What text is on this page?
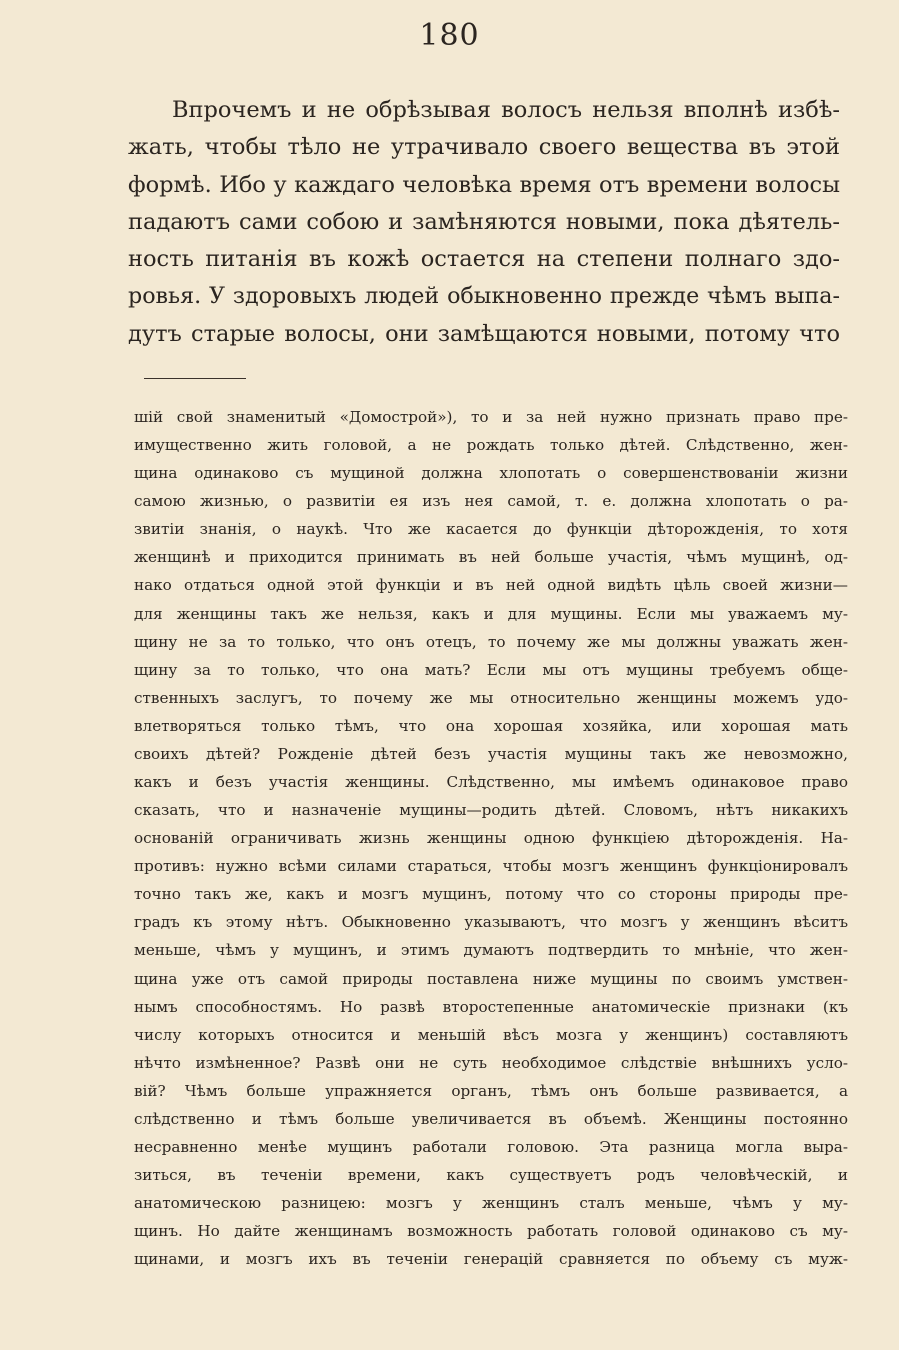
180
Впрочемъ и не обрѣзывая волосъ нельзя вполнѣ избѣ-
жать, чтобы тѣло не утрачивало своего вещества въ этой
формѣ. Ибо у каждаго человѣка время отъ времени волосы
падаютъ сами собою и замѣняются новыми, пока дѣятель-
ность питанія въ кожѣ остается на степени полнаго здо-
ровья. У здоровыхъ людей обыкновенно прежде чѣмъ выпа-
дутъ старые волосы, они замѣщаются новыми, потому что
шій свой знаменитый «Домострой»), то и за ней нужно признать право пре-
имущественно жить головой, а не рождать только дѣтей. Слѣдственно, жен-
щина одинаково съ мущиной должна хлопотать о совершенствованіи жизни
самою жизнью, о развитіи ея изъ нея самой, т. е. должна хлопотать о ра-
звитіи знанія, о наукѣ. Что же касается до функціи дѣторожденія, то хотя
женщинѣ и приходится принимать въ ней больше участія, чѣмъ мущинѣ, од-
нако отдаться одной этой функціи и въ ней одной видѣть цѣль своей жизни—
для женщины такъ же нельзя, какъ и для мущины. Если мы уважаемъ му-
щину не за то только, что онъ отецъ, то почему же мы должны уважать жен-
щину за то только, что она мать? Если мы отъ мущины требуемъ обще-
ственныхъ заслугъ, то почему же мы относительно женщины можемъ удо-
влетворяться только тѣмъ, что она хорошая хозяйка, или хорошая мать
своихъ дѣтей? Рожденіе дѣтей безъ участія мущины такъ же невозможно,
какъ и безъ участія женщины. Слѣдственно, мы имѣемъ одинаковое право
сказать, что и назначеніе мущины—родить дѣтей. Словомъ, нѣтъ никакихъ
основаній ограничивать жизнь женщины одною функціею дѣторожденія. На-
противъ: нужно всѣми силами стараться, чтобы мозгъ женщинъ функціонировалъ
точно такъ же, какъ и мозгъ мущинъ, потому что со стороны природы пре-
градъ къ этому нѣтъ. Обыкновенно указываютъ, что мозгъ у женщинъ вѣситъ
меньше, чѣмъ у мущинъ, и этимъ думаютъ подтвердить то мнѣніе, что жен-
щина уже отъ самой природы поставлена ниже мущины по своимъ умствен-
нымъ способностямъ. Но развѣ второстепенные анатомическіе признаки (къ
числу которыхъ относится и меньшій вѣсъ мозга у женщинъ) составляютъ
нѣчто измѣненное? Развѣ они не суть необходимое слѣдствіе внѣшнихъ усло-
вій? Чѣмъ больше упражняется органъ, тѣмъ онъ больше развивается, а
слѣдственно и тѣмъ больше увеличивается въ объемѣ. Женщины постоянно
несравненно менѣе мущинъ работали головою. Эта разница могла выра-
зиться, въ теченіи времени, какъ существуетъ родъ человѣческій, и
анатомическою разницею: мозгъ у женщинъ сталъ меньше, чѣмъ у му-
щинъ. Но дайте женщинамъ возможность работать головой одинаково съ му-
щинами, и мозгъ ихъ въ теченіи генерацій сравняется по объему съ муж-
